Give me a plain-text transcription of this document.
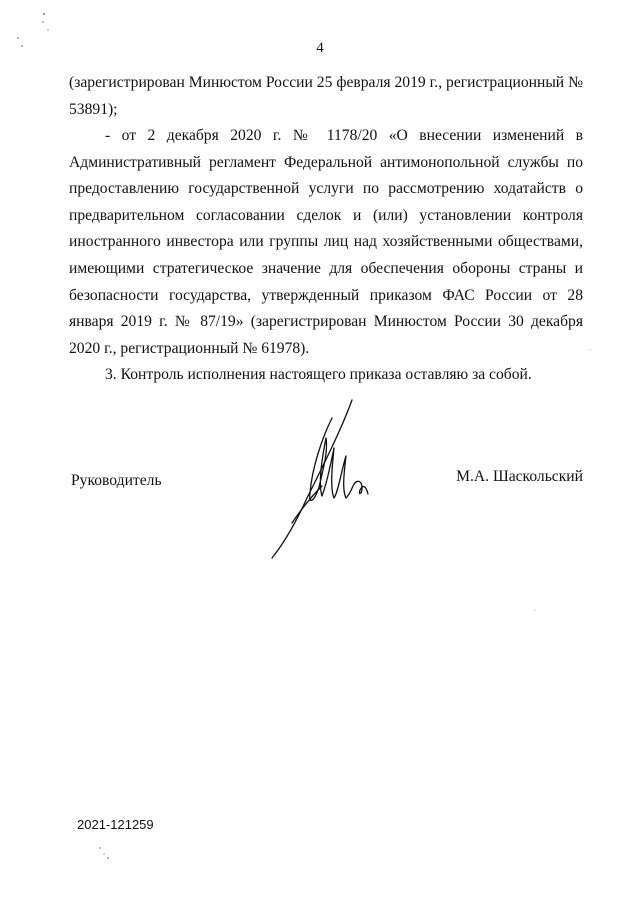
4

(зарегистрирован Минюстом России 25 февраля 2019 г., регистрационный № 53891);

- от 2 декабря 2020 г. № 1178/20 «О внесении изменений в Административный регламент Федеральной антимонопольной службы по предоставлению государственной услуги по рассмотрению ходатайств о предварительном согласовании сделок и (или) установлении контроля иностранного инвестора или группы лиц над хозяйственными обществами, имеющими стратегическое значение для обеспечения обороны страны и безопасности государства, утвержденный приказом ФАС России от 28 января 2019 г. № 87/19» (зарегистрирован Минюстом России 30 декабря 2020 г., регистрационный № 61978).

3. Контроль исполнения настоящего приказа оставляю за собой.

Руководитель	М.А. Шаскольский
2021-121259
